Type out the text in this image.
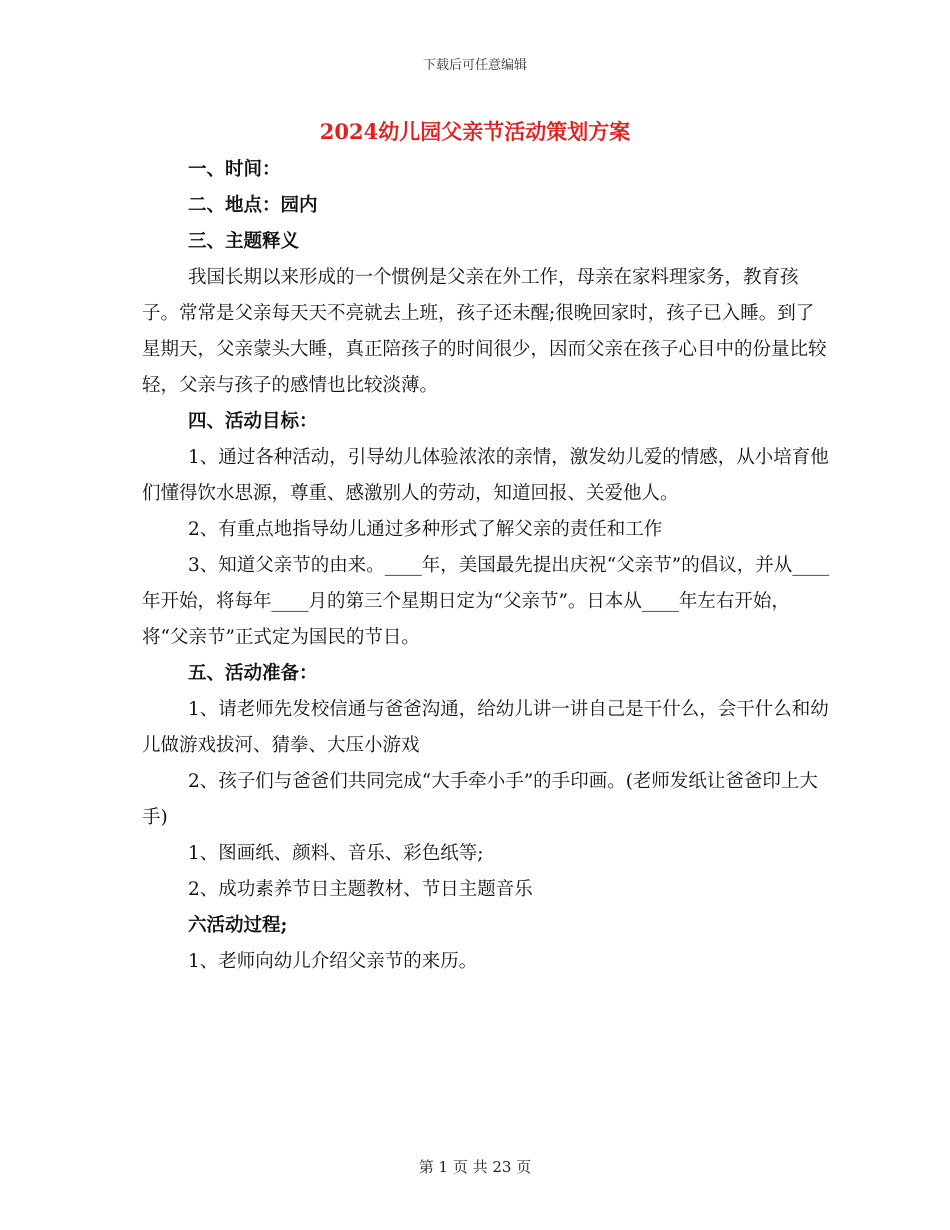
下载后可任意编辑
2024幼儿园父亲节活动策划方案

一、时间：

二、地点：园内

三、主题释义

我国长期以来形成的一个惯例是父亲在外工作，母亲在家料理家务，教育孩子。常常是父亲每天天不亮就去上班，孩子还未醒;很晚回家时，孩子已入睡。到了星期天，父亲蒙头大睡，真正陪孩子的时间很少，因而父亲在孩子心目中的份量比较轻，父亲与孩子的感情也比较淡薄。

四、活动目标：

1、通过各种活动，引导幼儿体验浓浓的亲情，激发幼儿爱的情感，从小培育他们懂得饮水思源，尊重、感激别人的劳动，知道回报、关爱他人。

2、有重点地指导幼儿通过多种形式了解父亲的责任和工作

3、知道父亲节的由来。____年，美国最先提出庆祝“父亲节”的倡议，并从____年开始，将每年____月的第三个星期日定为“父亲节”。日本从____年左右开始，将“父亲节”正式定为国民的节日。

五、活动准备：

1、请老师先发校信通与爸爸沟通，给幼儿讲一讲自己是干什么，会干什么和幼儿做游戏拔河、猜拳、大压小游戏

2、孩子们与爸爸们共同完成“大手牵小手”的手印画。(老师发纸让爸爸印上大手)

1、图画纸、颜料、音乐、彩色纸等;

2、成功素养节日主题教材、节日主题音乐

六活动过程;

1、老师向幼儿介绍父亲节的来历。

第 1 页 共 23 页
